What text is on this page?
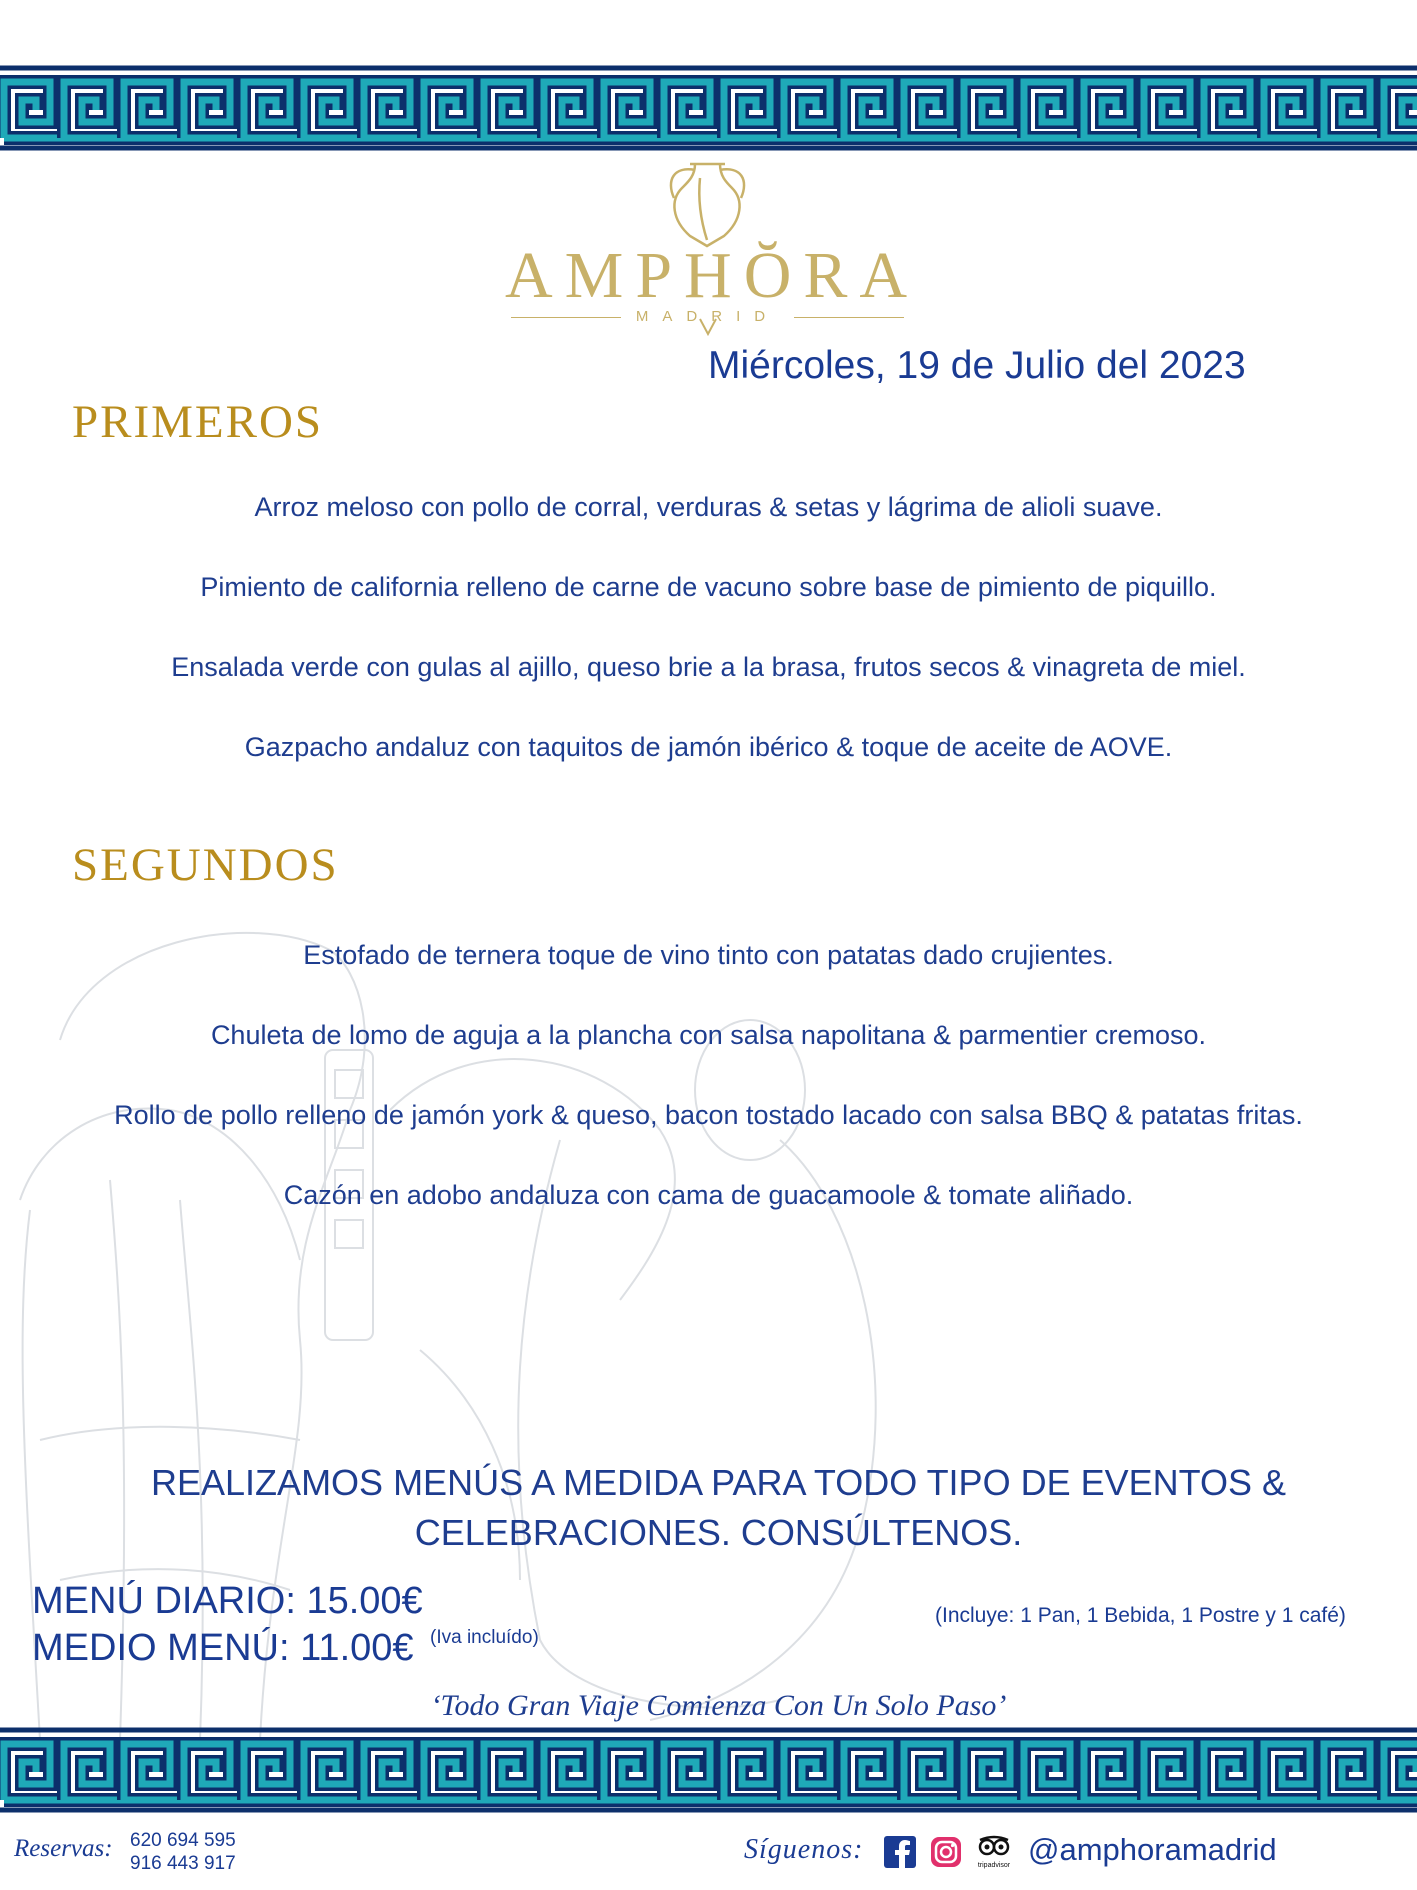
AMPHŎRA
MADRID
Miércoles, 19 de Julio del 2023
PRIMEROS
Arroz meloso con pollo de corral, verduras & setas y lágrima de alioli suave.
Pimiento de california relleno de carne de vacuno sobre base de pimiento de piquillo.
Ensalada verde con gulas al ajillo, queso brie a la brasa, frutos secos & vinagreta de miel.
Gazpacho andaluz con taquitos de jamón ibérico & toque de aceite de AOVE.
SEGUNDOS
Estofado de ternera toque de vino tinto con patatas dado crujientes.
Chuleta de lomo de aguja a la plancha con salsa napolitana & parmentier cremoso.
Rollo de pollo relleno de jamón york & queso, bacon tostado lacado con salsa BBQ & patatas fritas.
Cazón en adobo andaluza con cama de guacamoole & tomate aliñado.
REALIZAMOS MENÚS A MEDIDA PARA TODO TIPO DE EVENTOS &
CELEBRACIONES. CONSÚLTENOS.
MENÚ DIARIO: 15.00€
MEDIO MENÚ: 11.00€ (Iva incluído)
(Incluye: 1 Pan, 1 Bebida, 1 Postre y 1 café)
‘Todo Gran Viaje Comienza Con Un Solo Paso’
Reservas: 620 694 595
916 443 917	Síguenos:
tripadvisor @amphoramadrid
